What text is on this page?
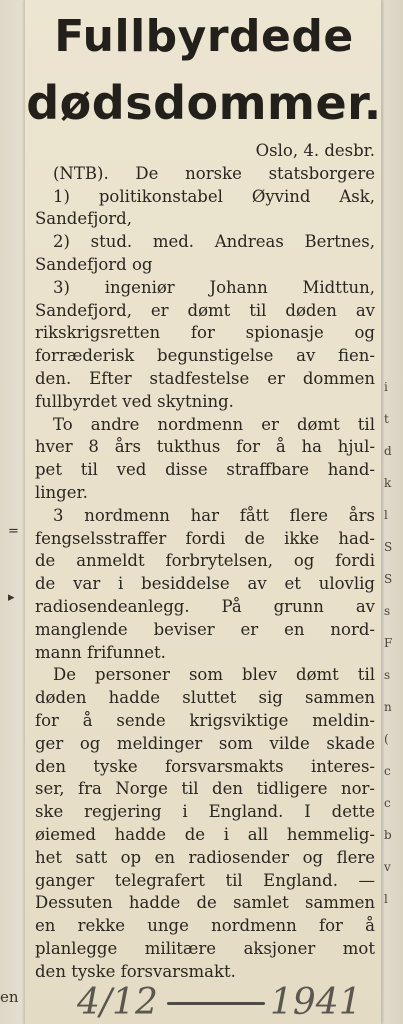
=
▸
en
i
t
d
k
l
S
S
s
F
s
n
(
c
c
b
v
l
Fullbyrdede
dødsdommer.
Oslo, 4. desbr.
(NTB). De norske statsborgere
1) politikonstabel Øyvind Ask,
Sandefjord,
2) stud. med. Andreas Bertnes,
Sandefjord og
3) ingeniør Johann Midttun,
Sandefjord, er dømt til døden av
rikskrigsretten for spionasje og
forræderisk begunstigelse av fien-
den. Efter stadfestelse er dommen
fullbyrdet ved skytning.
To andre nordmenn er dømt til
hver 8 års tukthus for å ha hjul-
pet til ved disse straffbare hand-
linger.
3 nordmenn har fått flere års
fengselsstraffer fordi de ikke had-
de anmeldt forbrytelsen, og fordi
de var i besiddelse av et ulovlig
radiosendeanlegg. På grunn av
manglende beviser er en nord-
mann frifunnet.
De personer som blev dømt til
døden hadde sluttet sig sammen
for å sende krigsviktige meldin-
ger og meldinger som vilde skade
den tyske forsvarsmakts interes-
ser, fra Norge til den tidligere nor-
ske regjering i England. I dette
øiemed hadde de i all hemmelig-
het satt op en radiosender og flere
ganger telegrafert til England. —
Dessuten hadde de samlet sammen
en rekke unge nordmenn for å
planlegge militære aksjoner mot
den tyske forsvarsmakt.
4/12	1941
